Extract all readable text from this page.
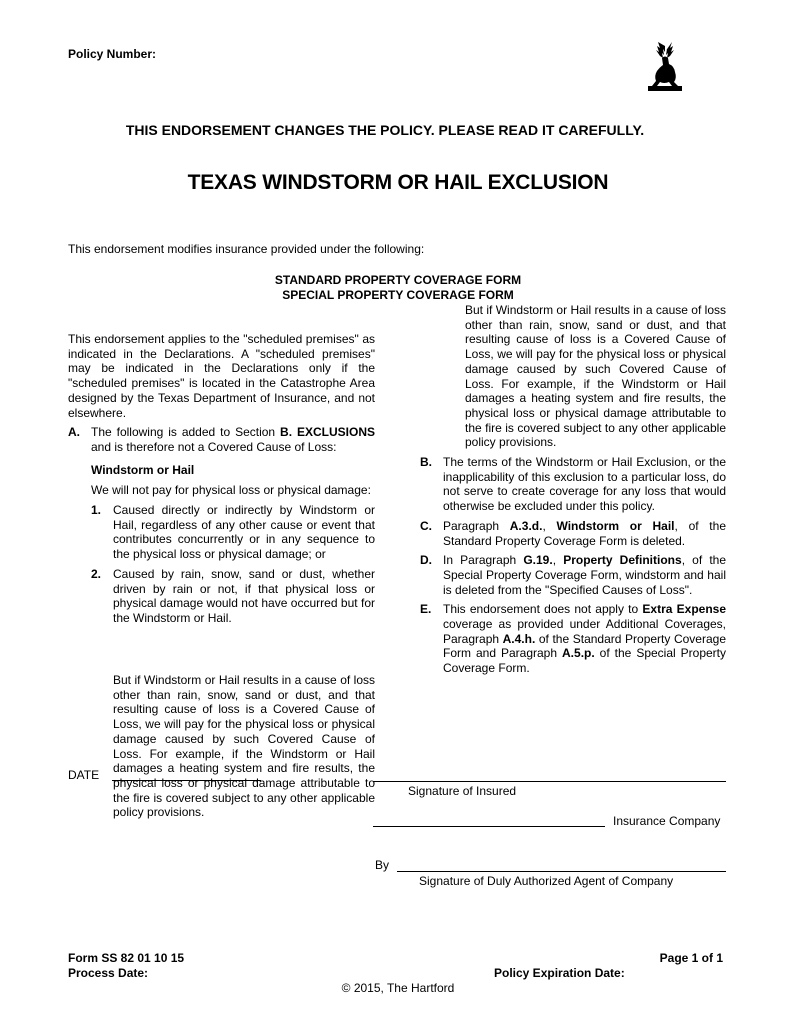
Policy Number:
THIS ENDORSEMENT CHANGES THE POLICY. PLEASE READ IT CAREFULLY.
TEXAS WINDSTORM OR HAIL EXCLUSION
This endorsement modifies insurance provided under the following:
STANDARD PROPERTY COVERAGE FORM
SPECIAL PROPERTY COVERAGE FORM

This endorsement applies to the "scheduled premises" as indicated in the Declarations. A "scheduled premises" may be indicated in the Declarations only if the "scheduled premises" is located in the Catastrophe Area designed by the Texas Department of Insurance, and not elsewhere.

A. The following is added to Section B. EXCLUSIONS and is therefore not a Covered Cause of Loss:

Windstorm or Hail

We will not pay for physical loss or physical damage:

1. Caused directly or indirectly by Windstorm or Hail, regardless of any other cause or event that contributes concurrently or in any sequence to the physical loss or physical damage; or

2. Caused by rain, snow, sand or dust, whether driven by rain or not, if that physical loss or physical damage would not have occurred but for the Windstorm or Hail.

But if Windstorm or Hail results in a cause of loss other than rain, snow, sand or dust, and that resulting cause of loss is a Covered Cause of Loss, we will pay for the physical loss or physical damage caused by such Covered Cause of Loss. For example, if the Windstorm or Hail damages a heating system and fire results, the physical loss or physical damage attributable to the fire is covered subject to any other applicable policy provisions.

But if Windstorm or Hail results in a cause of loss other than rain, snow, sand or dust, and that resulting cause of loss is a Covered Cause of Loss, we will pay for the physical loss or physical damage caused by such Covered Cause of Loss. For example, if the Windstorm or Hail damages a heating system and fire results, the physical loss or physical damage attributable to the fire is covered subject to any other applicable policy provisions.

B. The terms of the Windstorm or Hail Exclusion, or the inapplicability of this exclusion to a particular loss, do not serve to create coverage for any loss that would otherwise be excluded under this policy.

C. Paragraph A.3.d., Windstorm or Hail, of the Standard Property Coverage Form is deleted.

D. In Paragraph G.19., Property Definitions, of the Special Property Coverage Form, windstorm and hail is deleted from the "Specified Causes of Loss".

E. This endorsement does not apply to Extra Expense coverage as provided under Additional Coverages, Paragraph A.4.h. of the Standard Property Coverage Form and Paragraph A.5.p. of the Special Property Coverage Form.

DATE
Signature of Insured
Insurance Company
By
Signature of Duly Authorized Agent of Company
Form SS 82 01 10 15
Process Date:
Page 1 of 1
Policy Expiration Date:
© 2015, The Hartford
